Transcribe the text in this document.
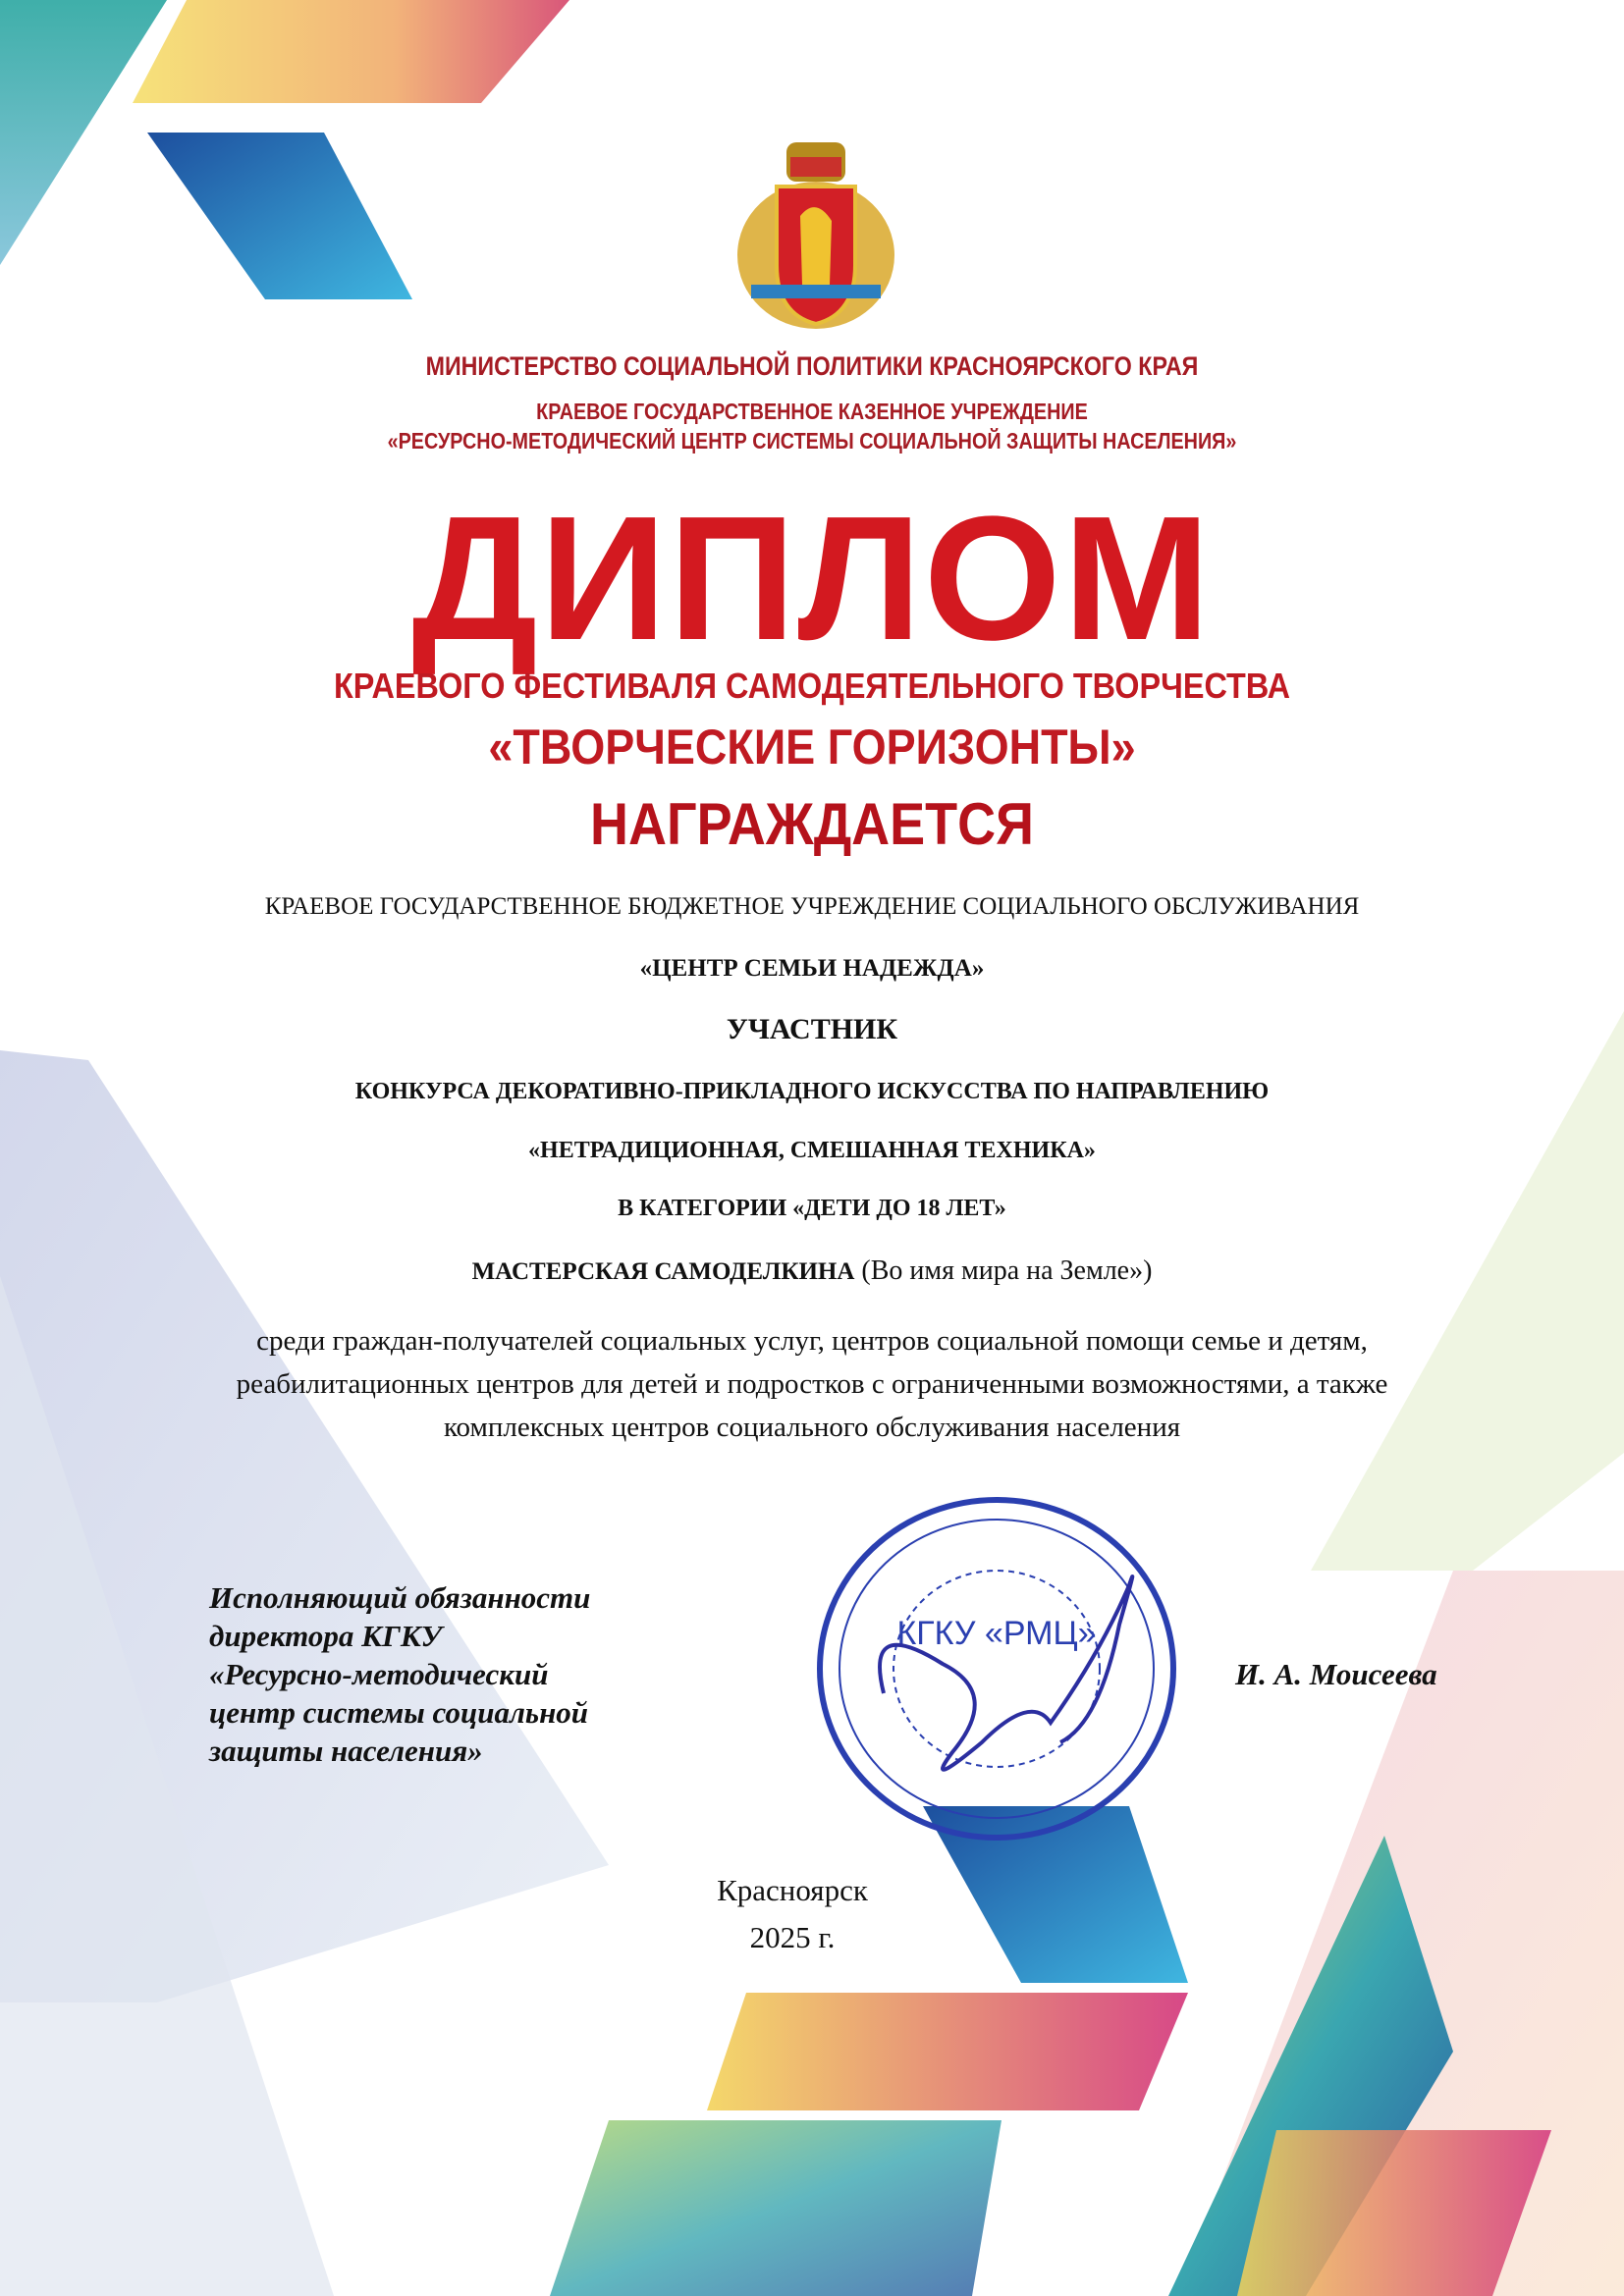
МИНИСТЕРСТВО СОЦИАЛЬНОЙ ПОЛИТИКИ КРАСНОЯРСКОГО КРАЯ
КРАЕВОЕ ГОСУДАРСТВЕННОЕ КАЗЕННОЕ УЧРЕЖДЕНИЕ
«РЕСУРСНО-МЕТОДИЧЕСКИЙ ЦЕНТР СИСТЕМЫ СОЦИАЛЬНОЙ ЗАЩИТЫ НАСЕЛЕНИЯ»
ДИПЛОМ
КРАЕВОГО ФЕСТИВАЛЯ САМОДЕЯТЕЛЬНОГО ТВОРЧЕСТВА
«ТВОРЧЕСКИЕ ГОРИЗОНТЫ»
НАГРАЖДАЕТСЯ
КРАЕВОЕ ГОСУДАРСТВЕННОЕ БЮДЖЕТНОЕ УЧРЕЖДЕНИЕ СОЦИАЛЬНОГО ОБСЛУЖИВАНИЯ
«ЦЕНТР СЕМЬИ НАДЕЖДА»
УЧАСТНИК
КОНКУРСА ДЕКОРАТИВНО-ПРИКЛАДНОГО ИСКУССТВА ПО НАПРАВЛЕНИЮ
«НЕТРАДИЦИОННАЯ, СМЕШАННАЯ ТЕХНИКА»
В КАТЕГОРИИ «ДЕТИ ДО 18 ЛЕТ»
МАСТЕРСКАЯ САМОДЕЛКИНА (Во имя мира на Земле»)
среди граждан-получателей социальных услуг, центров социальной помощи семье и детям,
реабилитационных центров для детей и подростков с ограниченными возможностями, а также
комплексных центров социального обслуживания населения
Исполняющий обязанности
директора КГКУ
«Ресурсно-методический
центр системы социальной
защиты населения»
КГКУ «РМЦ»
И. А. Моисеева
Красноярск
2025 г.
